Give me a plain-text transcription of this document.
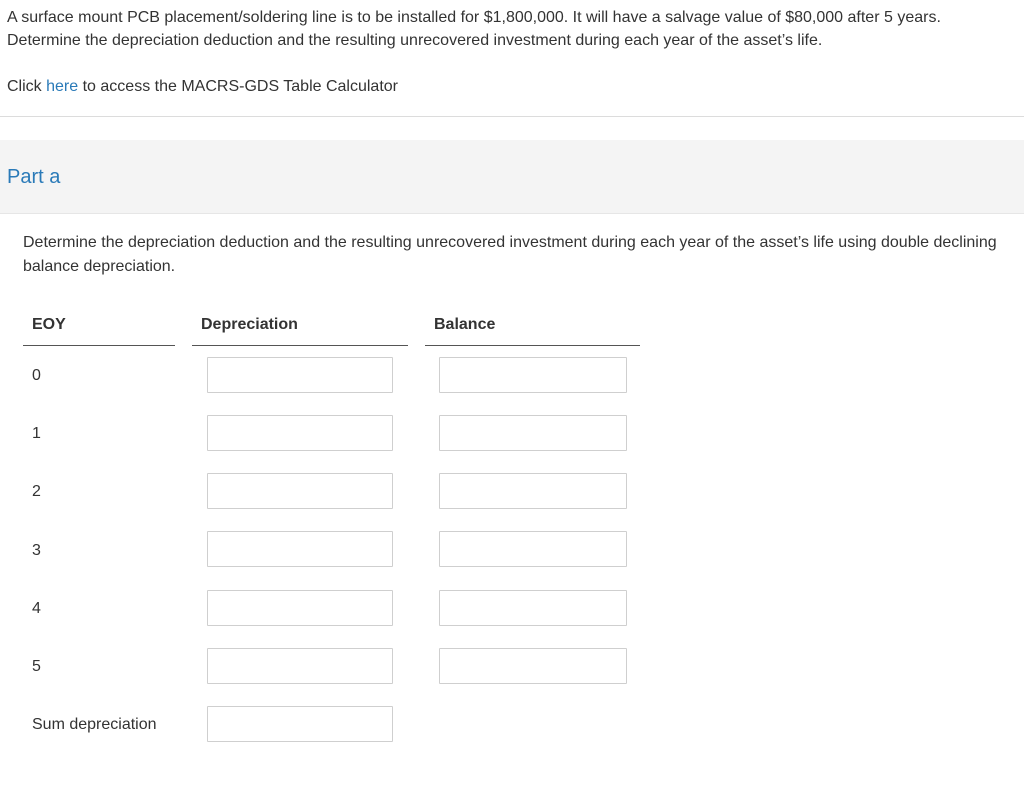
A surface mount PCB placement/soldering line is to be installed for $1,800,000. It will have a salvage value of $80,000 after 5 years. Determine the depreciation deduction and the resulting unrecovered investment during each year of the asset’s life.

Click here to access the MACRS-GDS Table Calculator

Part a

Determine the depreciation deduction and the resulting unrecovered investment during each year of the asset’s life using double declining balance depreciation.

EOY	Depreciation	Balance
0
1
2
3
4
5
Sum depreciation
